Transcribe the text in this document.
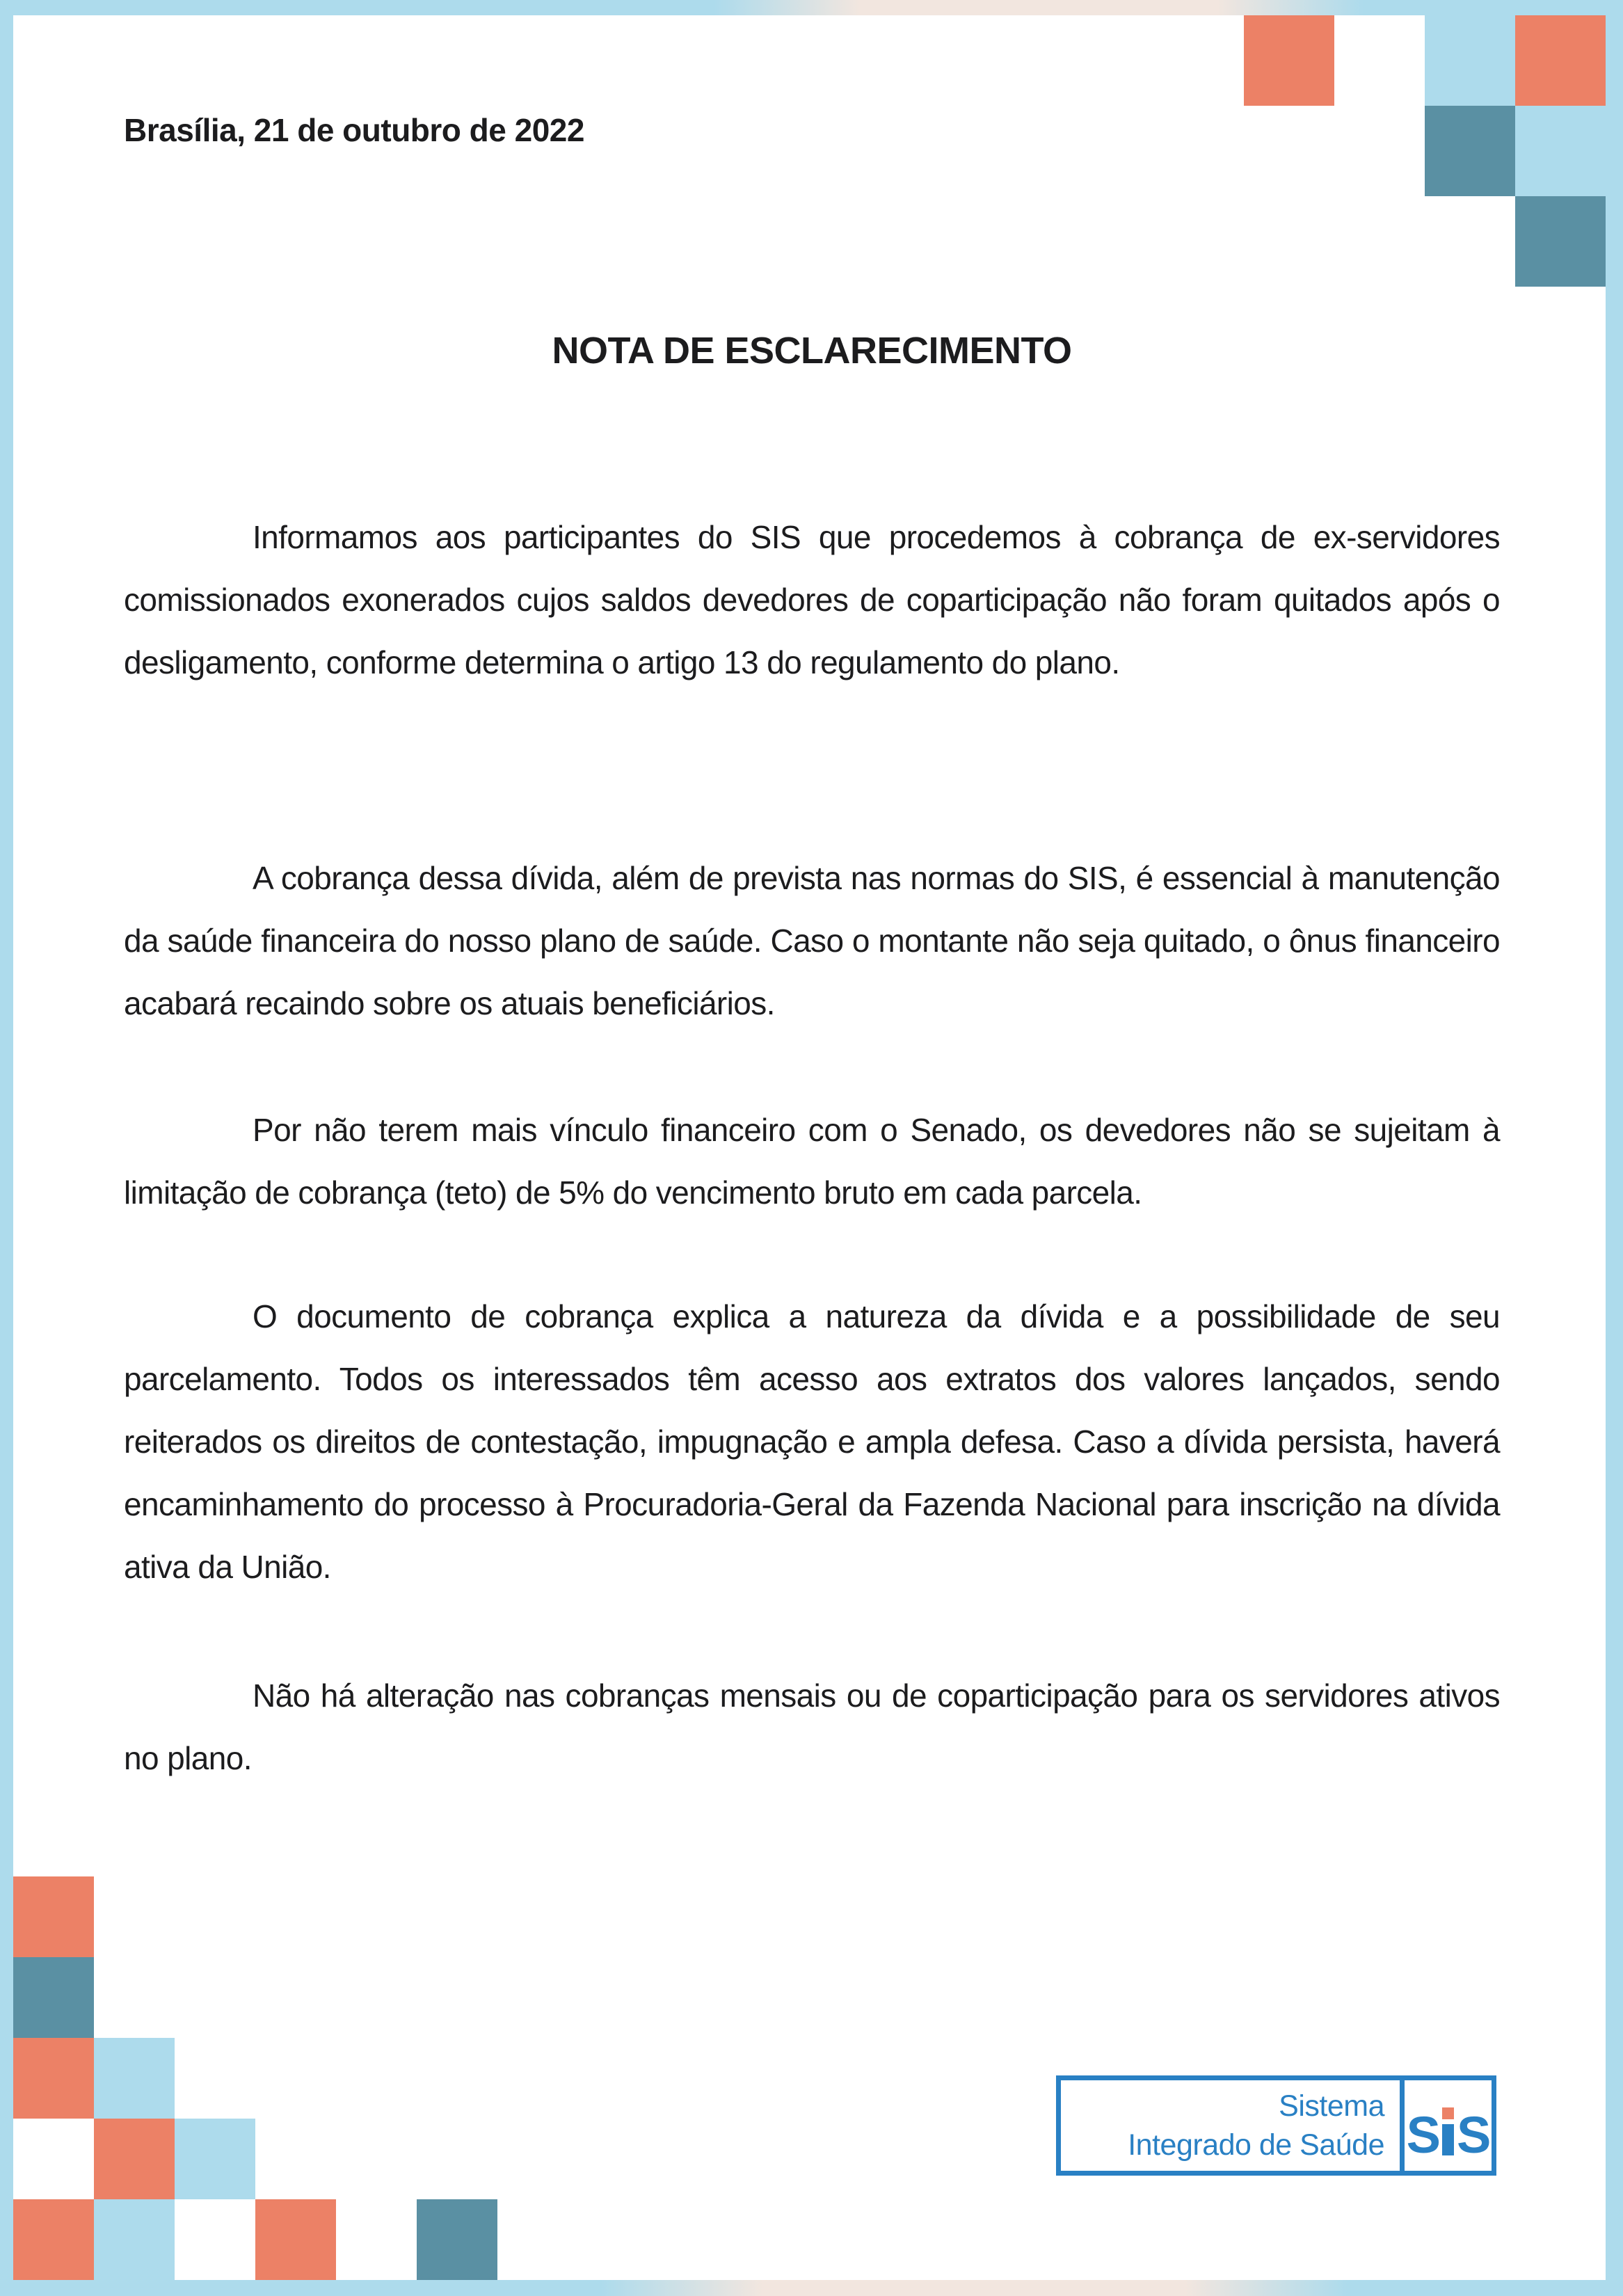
Brasília, 21 de outubro de 2022
NOTA DE ESCLARECIMENTO

Informamos aos participantes do SIS que procedemos à cobrança de ex-servidores comissionados exonerados cujos saldos devedores de coparticipação não foram quitados após o desligamento, conforme determina o artigo 13 do regulamento do plano.

A cobrança dessa dívida, além de prevista nas normas do SIS, é essencial à manutenção da saúde financeira do nosso plano de saúde. Caso o montante não seja quitado, o ônus financeiro acabará recaindo sobre os atuais beneficiários.

Por não terem mais vínculo financeiro com o Senado, os devedores não se sujeitam à limitação de cobrança (teto) de 5% do vencimento bruto em cada parcela.

O documento de cobrança explica a natureza da dívida e a possibilidade de seu parcelamento. Todos os interessados têm acesso aos extratos dos valores lançados, sendo reiterados os direitos de contestação, impugnação e ampla defesa. Caso a dívida persista, haverá encaminhamento do processo à Procuradoria-Geral da Fazenda Nacional para inscrição na dívida ativa da União.

Não há alteração nas cobranças mensais ou de coparticipação para os servidores ativos no plano.

Sistema
Integrado de Saúde S S
